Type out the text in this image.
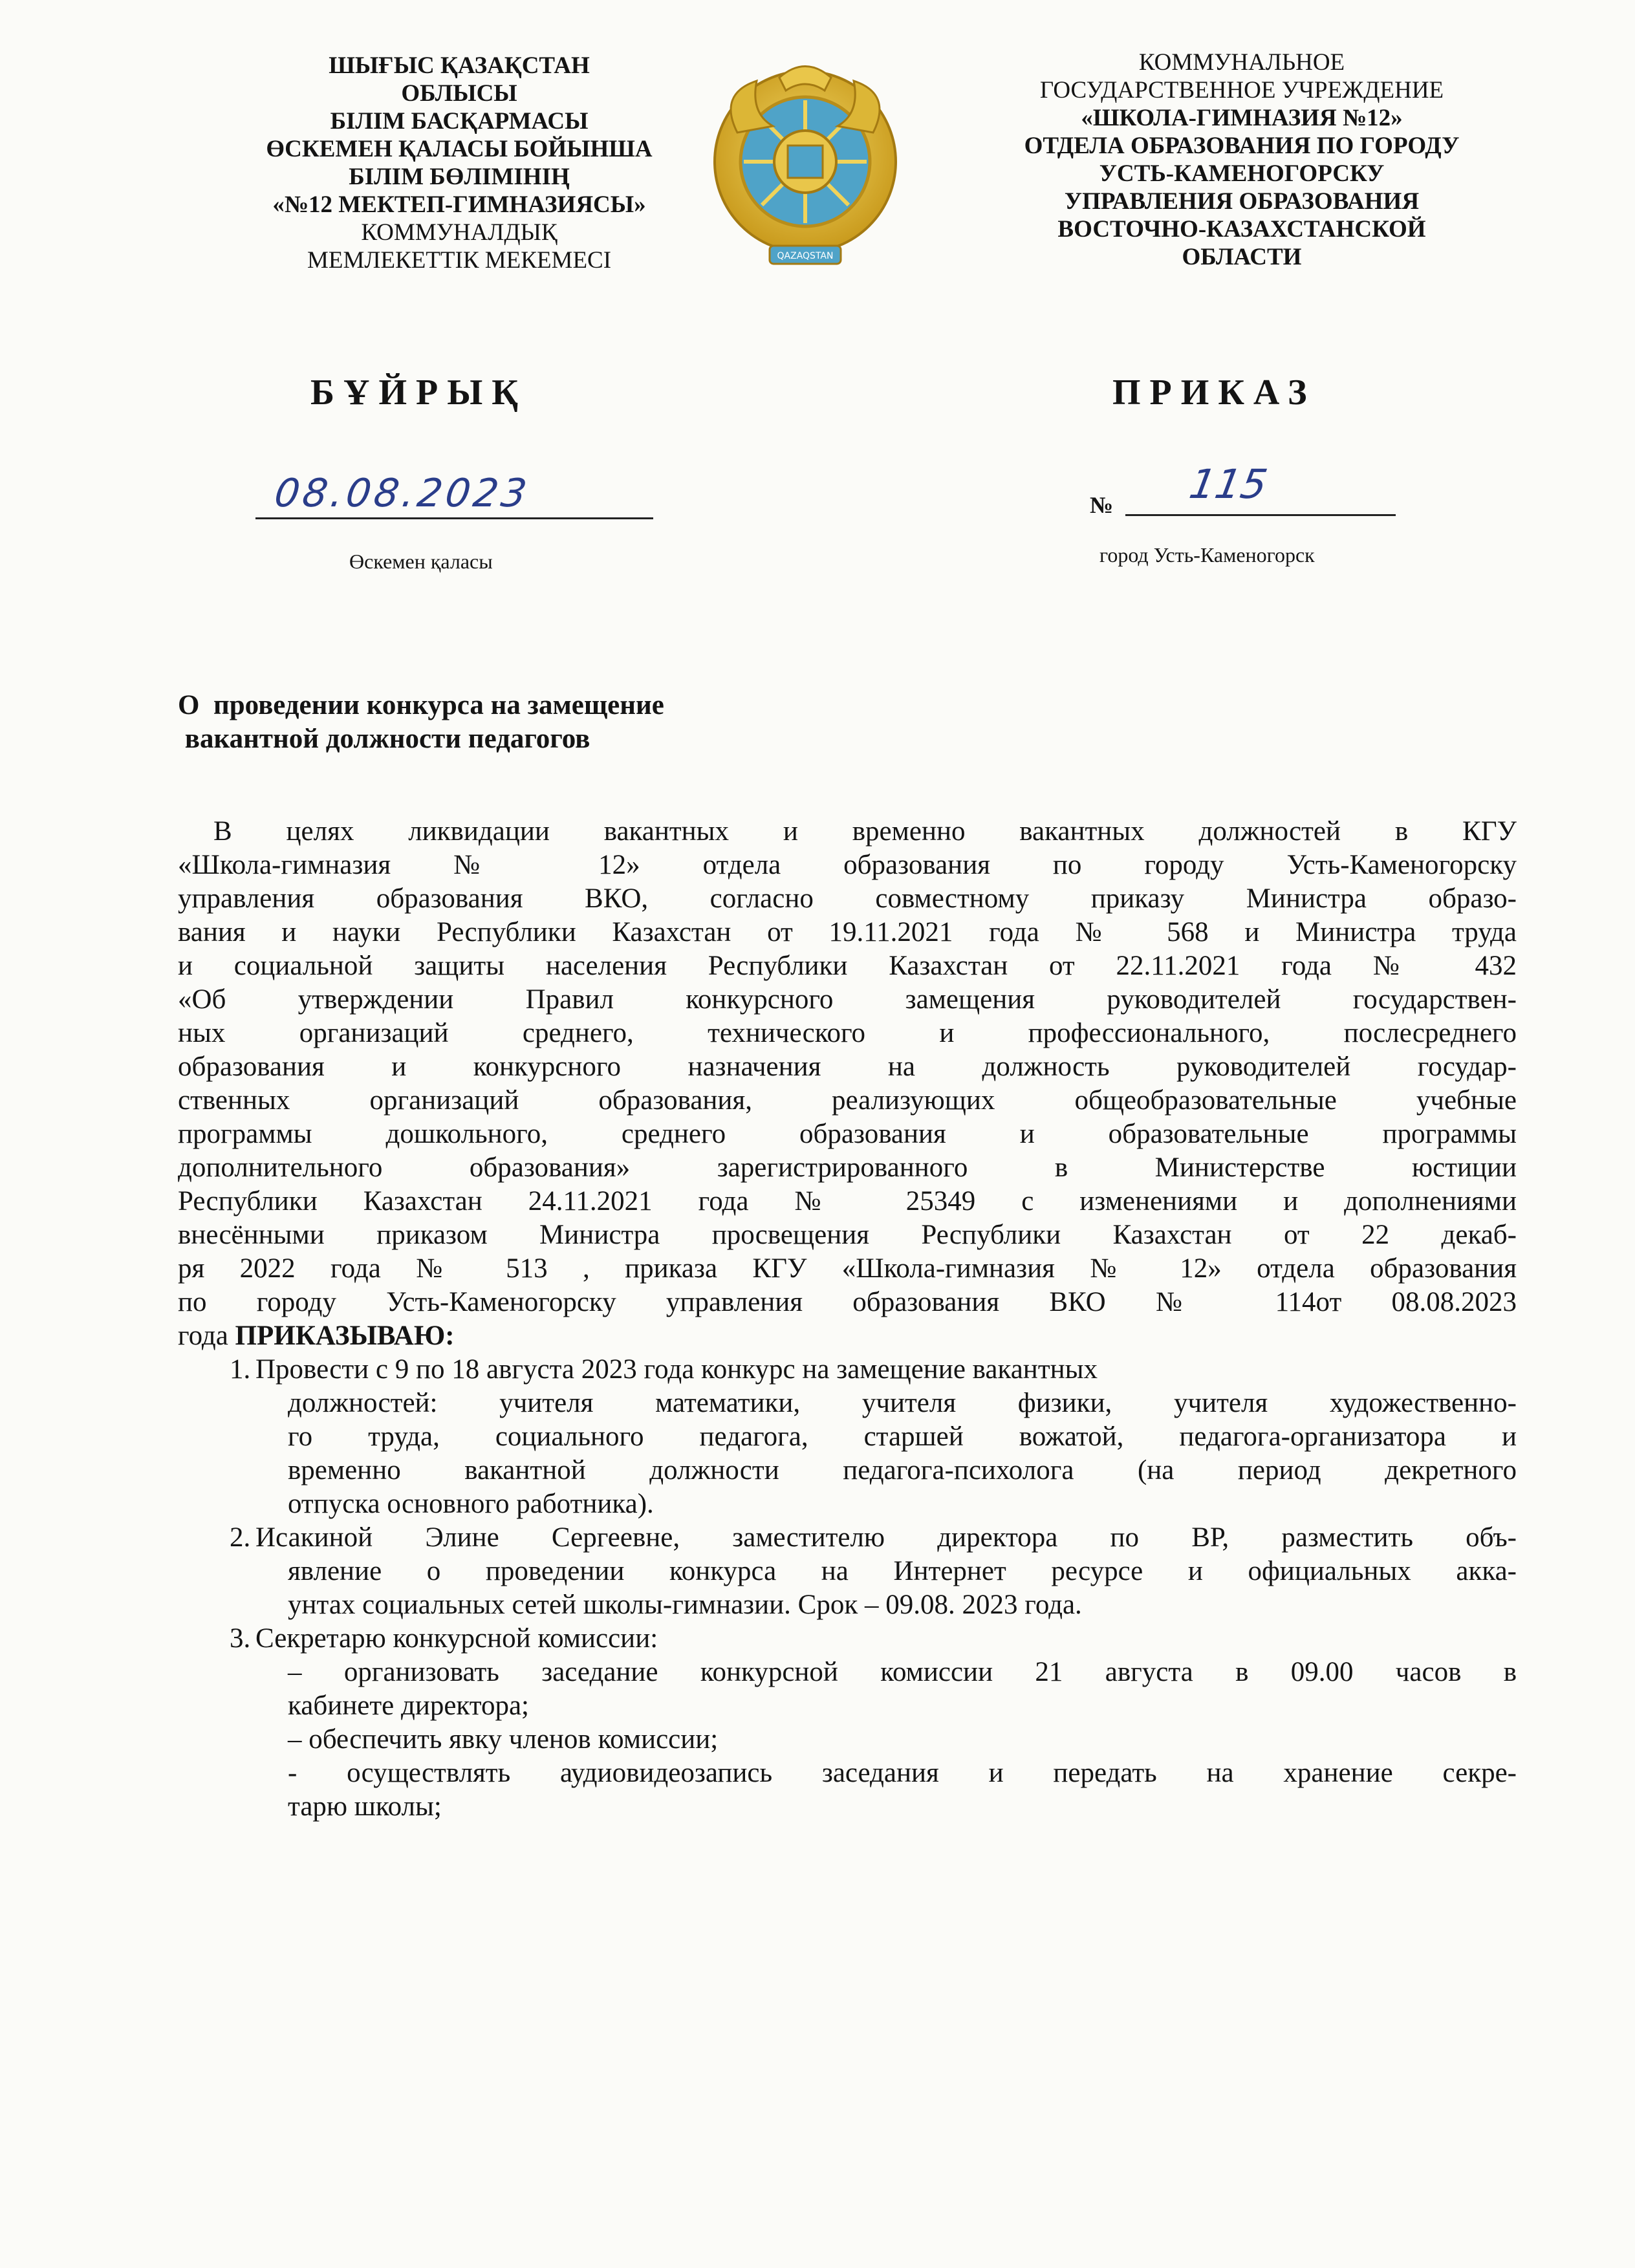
ШЫҒЫС ҚАЗАҚСТАН
ОБЛЫСЫ
БІЛІМ БАСҚАРМАСЫ
ӨСКЕМЕН ҚАЛАСЫ БОЙЫНША
БІЛІМ БӨЛІМІНІҢ
«№12 МЕКТЕП-ГИМНАЗИЯСЫ»
КОММУНАЛДЫҚ
МЕМЛЕКЕТТІК МЕКЕМЕСІ	QAZAQSTAN
КОММУНАЛЬНОЕ
ГОСУДАРСТВЕННОЕ УЧРЕЖДЕНИЕ
«ШКОЛА-ГИМНАЗИЯ №12»
ОТДЕЛА ОБРАЗОВАНИЯ ПО ГОРОДУ
УСТЬ-КАМЕНОГОРСКУ
УПРАВЛЕНИЯ ОБРАЗОВАНИЯ
ВОСТОЧНО-КАЗАХСТАНСКОЙ
ОБЛАСТИ
БҰЙРЫҚ	ПРИКАЗ
08.08.2023
Өскемен қаласы
№ 115
город Усть-Каменогорск
О  проведении конкурса на замещение
вакантной должности педагогов
В целях ликвидации вакантных и временно вакантных должностей в КГУ
«Школа-гимназия № 12» отдела образования по городу Усть-Каменогорску
управления образования ВКО, согласно совместному приказу Министра образо-
вания и науки Республики Казахстан от 19.11.2021 года № 568 и Министра труда
и социальной защиты населения Республики Казахстан от 22.11.2021 года № 432
«Об утверждении Правил конкурсного замещения руководителей государствен-
ных организаций среднего, технического и профессионального, послесреднего
образования и конкурсного назначения на должность руководителей государ-
ственных организаций образования, реализующих общеобразовательные учебные
программы дошкольного, среднего образования и образовательные программы
дополнительного образования» зарегистрированного в Министерстве юстиции
Республики Казахстан 24.11.2021 года № 25349 с изменениями и дополнениями
внесёнными приказом Министра просвещения Республики Казахстан от 22 декаб-
ря 2022 года № 513 , приказа КГУ «Школа-гимназия № 12» отдела образования
по городу Усть-Каменогорску управления образования ВКО № 114от 08.08.2023
года ПРИКАЗЫВАЮ:
1. Провести с 9 по 18 августа 2023 года конкурс на замещение вакантных
должностей: учителя математики, учителя физики, учителя художественно-
го труда, социального педагога, старшей вожатой, педагога-организатора и
временно вакантной должности педагога-психолога (на период декретного
отпуска основного работника).
2. Исакиной Элине Сергеевне, заместителю директора по ВР, разместить объ-
явление о проведении конкурса на Интернет ресурсе и официальных акка-
унтах социальных сетей школы-гимназии. Срок – 09.08. 2023 года.
3. Секретарю конкурсной комиссии:
– организовать заседание конкурсной комиссии 21 августа в 09.00 часов в
кабинете директора;
– обеспечить явку членов комиссии;
- осуществлять аудиовидеозапись заседания и передать на хранение секре-
тарю школы;
